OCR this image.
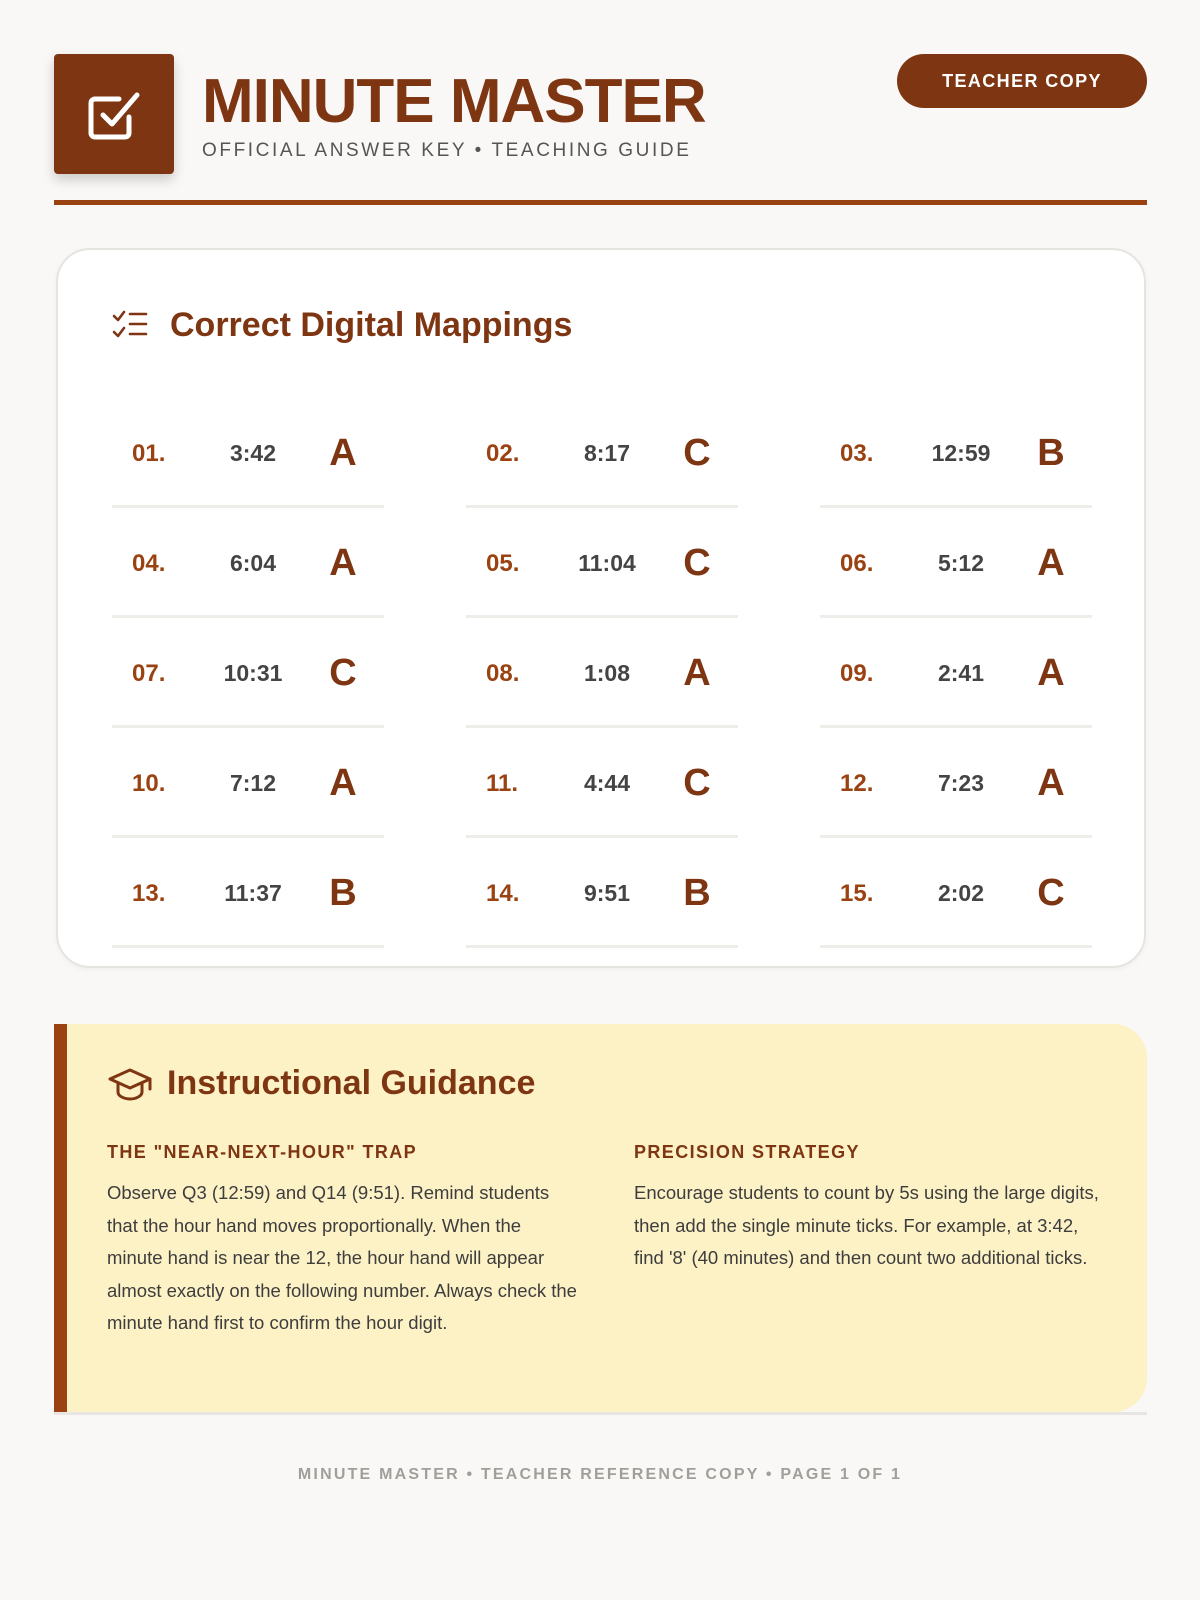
MINUTE MASTER
OFFICIAL ANSWER KEY • TEACHING GUIDE
TEACHER COPY
Correct Digital Mappings
01.	3:42	A	02.	8:17	C	03.	12:59	B
04.	6:04	A	05.	11:04	C	06.	5:12	A
07.	10:31	C	08.	1:08	A	09.	2:41	A
10.	7:12	A	11.	4:44	C	12.	7:23	A
13.	11:37	B	14.	9:51	B	15.	2:02	C
Instructional Guidance
THE "NEAR-NEXT-HOUR" TRAP

Observe Q3 (12:59) and Q14 (9:51). Remind students that the hour hand moves proportionally. When the minute hand is near the 12, the hour hand will appear almost exactly on the following number. Always check the minute hand first to confirm the hour digit.

PRECISION STRATEGY

Encourage students to count by 5s using the large digits, then add the single minute ticks. For example, at 3:42, find '8' (40 minutes) and then count two additional ticks.

MINUTE MASTER • TEACHER REFERENCE COPY • PAGE 1 OF 1
